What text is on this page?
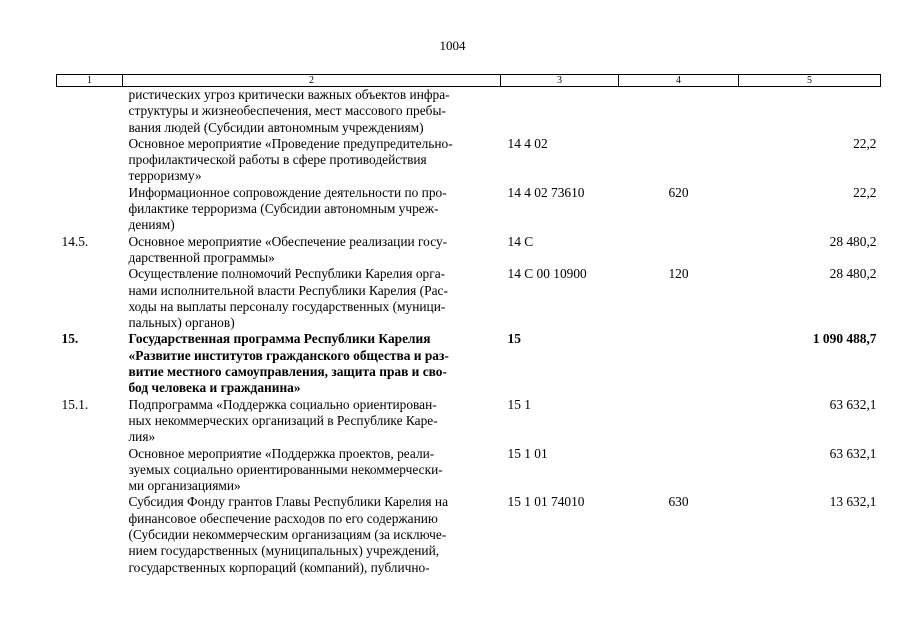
1004
1	2	3	4	5

	ристических угроз критически важных объектов инфра-
структуры и жизнеобеспечения, мест массового пребы-
вания людей (Субсидии автономным учреждениям)			

	Основное мероприятие «Проведение предупредительно-
профилактической работы в сфере противодействия
терроризму»	14 4 02		22,2

	Информационное сопровождение деятельности по про-
филактике терроризма (Субсидии автономным учреж-
дениям)	14 4 02 73610	620	22,2
14.5.	Основное мероприятие «Обеспечение реализации госу-
дарственной программы»	14 С		28 480,2

	Осуществление полномочий Республики Карелия орга-
нами исполнительной власти Республики Карелия (Рас-
ходы на выплаты персоналу государственных (муници-
пальных) органов)	14 С 00 10900	120	28 480,2
15.	Государственная программа Республики Карелия
«Развитие институтов гражданского общества и раз-
витие местного самоуправления, защита прав и сво-
бод человека и гражданина»	15		1 090 488,7
15.1.	Подпрограмма «Поддержка социально ориентирован-
ных некоммерческих организаций в Республике Каре-
лия»	15 1		63 632,1

	Основное мероприятие «Поддержка проектов, реали-
зуемых социально ориентированными некоммерчески-
ми организациями»	15 1 01		63 632,1

	Субсидия Фонду грантов Главы Республики Карелия на
финансовое обеспечение расходов по его содержанию
(Субсидии некоммерческим организациям (за исключе-
нием государственных (муниципальных) учреждений,
государственных корпораций (компаний), публично-	15 1 01 74010	630	13 632,1
